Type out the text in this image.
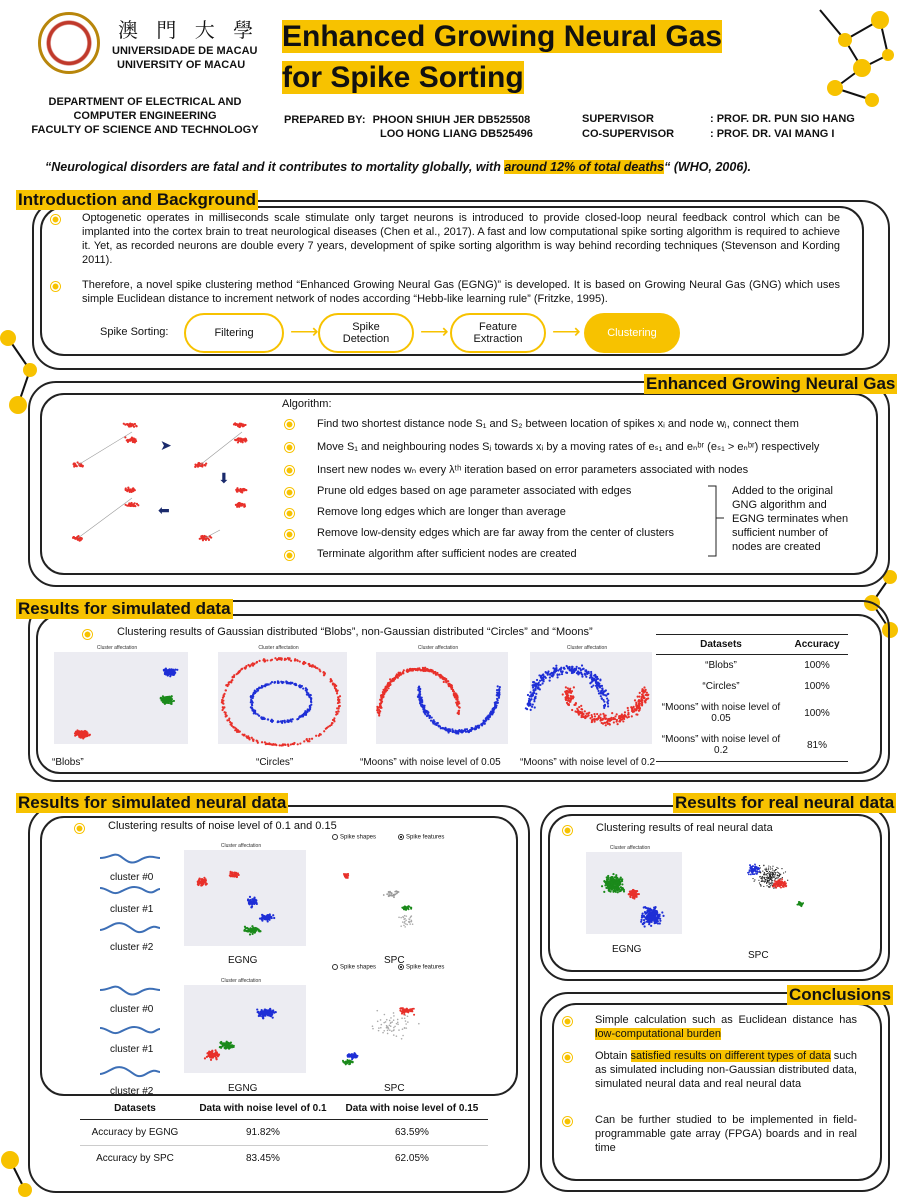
澳 門 大 學
UNIVERSIDADE DE MACAU
UNIVERSITY OF MACAU
DEPARTMENT OF ELECTRICAL AND
COMPUTER ENGINEERING
FACULTY OF SCIENCE AND TECHNOLOGY
Enhanced Growing Neural Gas
for Spike Sorting
PREPARED BY: PHOON SHIUH JER DB525508
LOO HONG LIANG DB525496
SUPERVISOR
CO-SUPERVISOR
: PROF. DR. PUN SIO HANG
: PROF. DR. VAI MANG I
“Neurological disorders are fatal and it contributes to mortality globally, with around 12% of total deaths“ (WHO, 2006).
Introduction and Background
Optogenetic operates in milliseconds scale stimulate only target neurons is introduced to provide closed-loop neural feedback control which can be implanted into the cortex brain to treat neurological diseases (Chen et al., 2017). A fast and low computational spike sorting algorithm is required to achieve it. Yet, as recorded neurons are double every 7 years, development of spike sorting algorithm is way behind recording techniques (Stevenson and Kording 2011).
Therefore, a novel spike clustering method “Enhanced Growing Neural Gas (EGNG)” is developed. It is based on Growing Neural Gas (GNG) which uses simple Euclidean distance to increment network of nodes according “Hebb-like learning rule” (Fritzke, 1995).
Spike Sorting:	Filtering ⟶	Spike
Detection ⟶	Feature
Extraction ⟶ Clustering
Enhanced Growing Neural Gas
➤
⬇
⬅
Algorithm:
Find two shortest distance node S₁ and S₂ between location of spikes xᵢ and node wⱼ, connect them
Move S₁ and neighbouring nodes Sⱼ towards xᵢ by a moving rates of eₛ₁ and eₙᵇʳ (eₛ₁ > eₙᵇʳ) respectively
Insert new nodes wₙ every λᵗʰ iteration based on error parameters associated with nodes
Prune old edges based on age parameter associated with edges
Remove long edges which are longer than average
Remove low-density edges which are far away from the center of clusters
Terminate algorithm after sufficient nodes are created
Added to the original GNG algorithm and EGNG terminates when sufficient number of nodes are created
Results for simulated data
Clustering results of Gaussian distributed “Blobs”, non-Gaussian distributed “Circles” and “Moons”
Cluster affectation	Cluster affectation	Cluster affectation	Cluster affectation
“Blobs”	“Circles”	“Moons” with noise level of 0.05 “Moons” with noise level of 0.2
Datasets	Accuracy
“Blobs”	100%
“Circles”	100%
“Moons” with noise level of 0.05	100%
“Moons” with noise level of 0.2	81%
Results for simulated neural data
Clustering results of noise level of 0.1 and 0.15
cluster #0
cluster #1
cluster #2
cluster #0
cluster #1
cluster #2
Cluster affectation
Cluster affectation
Spike shapes	Spike features
Spike shapes	Spike features
EGNG	SPC
EGNG	SPC
Datasets	Data with noise level of 0.1	Data with noise level of 0.15
Accuracy by EGNG	91.82%	63.59%
Accuracy by SPC	83.45%	62.05%
Results for real neural data
Clustering results of real neural data
Cluster affectation
EGNG
SPC
Conclusions
Simple calculation such as Euclidean distance has low-computational burden
Obtain satisfied results on different types of data such as simulated including non-Gaussian distributed data, simulated neural data and real neural data
Can be further studied to be implemented in field-programmable gate array (FPGA) boards and in real time
